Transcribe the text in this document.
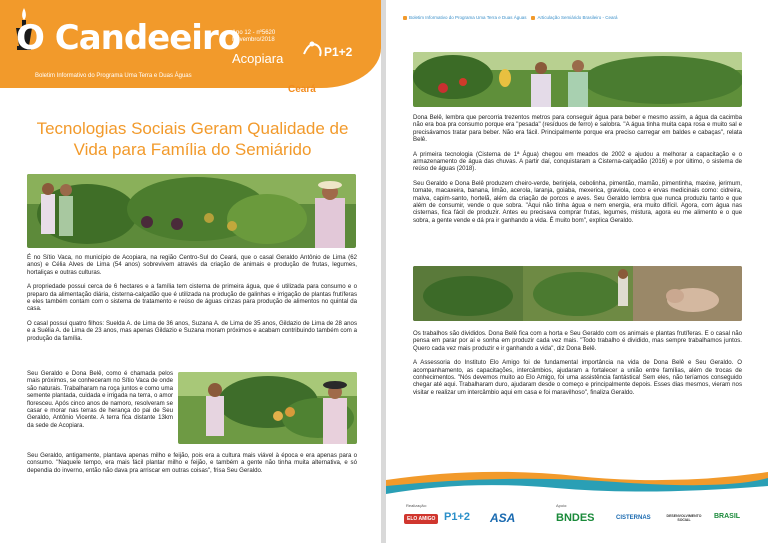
O Candeeiro
Boletim Informativo do Programa Uma Terra e Duas Águas
Ano 12 - nº5620
Novembro/2018
Acopiara	P1+2
Ceará
Tecnologias Sociais Geram Qualidade de Vida para Família do Semiárido

É no Sítio Vaca, no município de Acopiara, na região Centro-Sul do Ceará, que o casal Geraldo Antônio de Lima (62 anos) e Célia Alves de Lima (54 anos) sobrevivem através da criação de animais e produção de frutas, legumes, hortaliças e outras culturas.

A propriedade possui cerca de 6 hectares e a família tem cisterna de primeira água, que é utilizada para consumo e o preparo da alimentação diária, cisterna-calçadão que é utilizada na produção de galinhas e irrigação de plantas frutíferas e eles também contam com o sistema de tratamento e reúso de águas cinzas para produção de alimentos no quintal da casa.

O casal possui quatro filhos: Suelda A. de Lima de 36 anos, Suzana A. de Lima de 35 anos, Gildazio de Lima de 28 anos e a Suélia A. de Lima de 23 anos, mas apenas Gildazio e Suzana moram próximos e acabam contribuindo também com a produção da família.

Seu Geraldo e Dona Belê, como é chamada pelos mais próximos, se conheceram no Sítio Vaca de onde são naturais. Trabalharam na roça juntos e como uma semente plantada, cuidada e irrigada na terra, o amor floresceu. Após cinco anos de namoro, resolveram se casar e morar nas terras de herança do pai de Seu Geraldo, Antônio Vicente. A terra fica distante 13km da sede de Acopiara.

Seu Geraldo, antigamente, plantava apenas milho e feijão, pois era a cultura mais viável à época e era apenas para o consumo. "Naquele tempo, era mais fácil plantar milho e feijão, e também a gente não tinha muita alternativa, e só dependia do inverno, então não dava pra arriscar em outras coisas", frisa Seu Geraldo.

Boletim Informativo do Programa Uma Terra e Duas Águas Articulação Semiárido Brasileiro - Ceará

Dona Belê, lembra que percorria trezentos metros para conseguir água para beber e mesmo assim, a água da cacimba não era boa pra consumo porque era "pesada" (resíduos de ferro) e salobra. "A água tinha muita capa rosa e muito sal e precisávamos tratar para beber. Não era fácil. Principalmente porque era preciso carregar em baldes e cabaças", relata Belê.

A primeira tecnologia (Cisterna de 1ª Água) chegou em meados de 2002 e ajudou a melhorar a capacitação e o armazenamento de água das chuvas. A partir daí, conquistaram a Cisterna-calçadão (2016) e por último, o sistema de reúso de águas (2018).

Seu Geraldo e Dona Belê produzem cheiro-verde, berinjela, cebolinha, pimentão, mamão, pimentinha, maxixe, jerimum, tomate, macaxeira, banana, limão, acerola, laranja, goiaba, mexerica, graviola, coco e ervas medicinais como: cidreira, malva, capim-santo, hortelã, além da criação de porcos e aves. Seu Geraldo lembra que nunca produziu tanto e que além de consumir, vende o que sobra. "Aqui não tinha água e nem energia, era muito difícil. Agora, com água nas cisternas, fica fácil de produzir. Antes eu precisava comprar frutas, legumes, mistura, agora eu me alimento e o que sobra, a gente vende e dá pra ir ganhando a vida. É muito bom", explica Geraldo.

Os trabalhos são divididos. Dona Belê fica com a horta e Seu Geraldo com os animais e plantas frutíferas. E o casal não pensa em parar por aí e sonha em produzir cada vez mais. "Todo trabalho é dividido, mas sempre trabalhamos juntos. Quero cada vez mais produzir e ir ganhando a vida", diz Dona Belê.

A Assessoria do Instituto Elo Amigo foi de fundamental importância na vida de Dona Belê e Seu Geraldo. O acompanhamento, as capacitações, intercâmbios, ajudaram a fortalecer a união entre famílias, além de trocas de conhecimentos. "Nós devemos muito ao Elo Amigo, foi uma assistência fantástica! Sem eles, não teríamos conseguido chegar até aqui. Trabalharam duro, ajudaram desde o começo e principalmente depois. Esses dias mesmos, vieram nos visitar e realizar um intercâmbio aqui em casa e foi maravilhoso", finaliza Geraldo.

Realização:	Apoio:
ELO AMIGO P1+2 ASA	BNDES	CISTERNAS	DESENVOLVIMENTO SOCIAL	BRASIL
